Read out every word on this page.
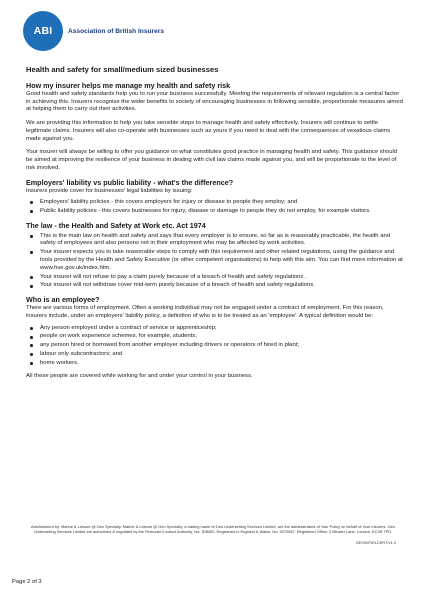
ABI	Association of British Insurers
Health and safety for small/medium sized businesses
How my insurer helps me manage my health and safety risk

Good health and safety standards help you to run your business successfully. Meeting the requirements of relevant regulation is a central factor in achieving this. Insurers recognise the wider benefits to society of encouraging businesses in following sensible, proportionate measures aimed at helping them to carry out their activities.

We are providing this information to help you take sensible steps to manage health and safety effectively. Insurers will continue to settle legitimate claims. Insurers will also co-operate with businesses such as yours if you need to deal with the consequences of vexatious claims made against you.

Your insurer will always be willing to offer you guidance on what constitutes good practice in managing health and safety. This guidance should be aimed at improving the resilience of your business in dealing with civil law claims made against you, and will be proportionate to the level of risk involved.

Employers' liability vs public liability - what's the difference?

Insurers provide cover for businesses' legal liabilities by issuing:

Employers' liability policies - this covers employers for injury or disease to people they employ; and
Public liability policies - this covers businesses for injury, disease or damage to people they do not employ, for example visitors.
The law - the Health and Safety at Work etc. Act 1974
This is the main law on health and safety and says that every employer is to ensure, so far as is reasonably practicable, the health and safety of employees and also persons not in their employment who may be affected by work activities.
Your insurer expects you to take reasonable steps to comply with this requirement and other related regulations, using the guidance and tools provided by the Health and Safety Executive (or other competent organisations) to help with this aim. You can find more information at www.hse.gov.uk/index.htm.
Your insurer will not refuse to pay a claim purely because of a breach of health and safety regulations .
Your insurer will not withdraw cover mid-term purely because of a breach of health and safety regulations.
Who is an employee?

There are various forms of employment. Often a working individual may not be engaged under a contract of employment. For this reason, insurers include, under an employers' liability policy, a definition of who is to be treated as an 'employee'. A typical definition would be:

Any person employed under a contract of service or apprenticeship;
people on work experience schemes, for example, students;
any person hired or borrowed from another employer including drivers or operators of hired in plant;
labour only subcontractors; and
home workers.

All these people are covered while working for and under your control in your business.

Administered by: Marine & Leisure @ Geo Specialty. Marine & Leisure @ Geo Specialty, a trading name of Geo Underwriting Services Limited, are the administrators of Your Policy on behalf of Your Insurers. Geo Underwriting Services Limited are authorised & regulated by the Financial Conduct Authority, No: 308400. Registered in England & Wales, No: 4070987. Registered Office: 2 Minster Lane, London, EC3R 7PD.
GEOMIT/ELCERT/v1.2
Page 2 of 3
